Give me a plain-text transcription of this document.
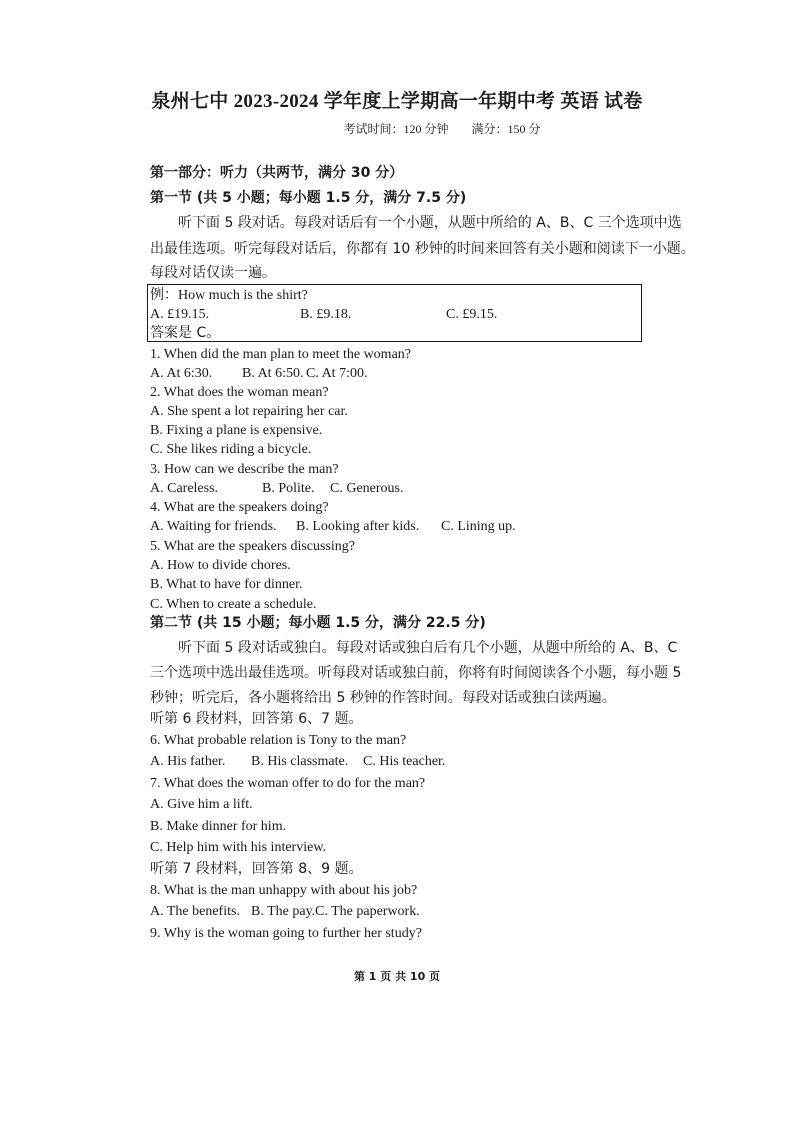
泉州七中 2023-2024 学年度上学期高一年期中考 英语 试卷
考试时间：120 分钟 满分：150 分
第一部分：听力（共两节，满分 30 分）
第一节 (共 5 小题；每小题 1.5 分，满分 7.5 分)
听下面 5 段对话。每段对话后有一个小题，从题中所给的 A、B、C 三个选项中选
出最佳选项。听完每段对话后，你都有 10 秒钟的时间来回答有关小题和阅读下一小题。
每段对话仅读一遍。
例：How much is the shirt?
A. £19.15.	B. £9.18.	C. £9.15.
答案是 C。
1. When did the man plan to meet the woman?
A. At 6:30. B. At 6:50. C. At 7:00.
2. What does the woman mean?
A. She spent a lot repairing her car.
B. Fixing a plane is expensive.
C. She likes riding a bicycle.
3. How can we describe the man?
A. Careless.	B. Polite. C. Generous.
4. What are the speakers doing?
A. Waiting for friends. B. Looking after kids. C. Lining up.
5. What are the speakers discussing?
A. How to divide chores.
B. What to have for dinner.
C. When to create a schedule.
第二节 (共 15 小题；每小题 1.5 分，满分 22.5 分)
听下面 5 段对话或独白。每段对话或独白后有几个小题，从题中所给的 A、B、C
三个选项中选出最佳选项。听每段对话或独白前，你将有时间阅读各个小题，每小题 5
秒钟；听完后，各小题将给出 5 秒钟的作答时间。每段对话或独白读两遍。
听第 6 段材料，回答第 6、7 题。
6. What probable relation is Tony to the man?
A. His father. B. His classmate. C. His teacher.
7. What does the woman offer to do for the man?
A. Give him a lift.
B. Make dinner for him.
C. Help him with his interview.
听第 7 段材料，回答第 8、9 题。
8. What is the man unhappy with about his job?
A. The benefits. B. The pay.C. The paperwork.
9. Why is the woman going to further her study?
第 1 页 共 10 页
